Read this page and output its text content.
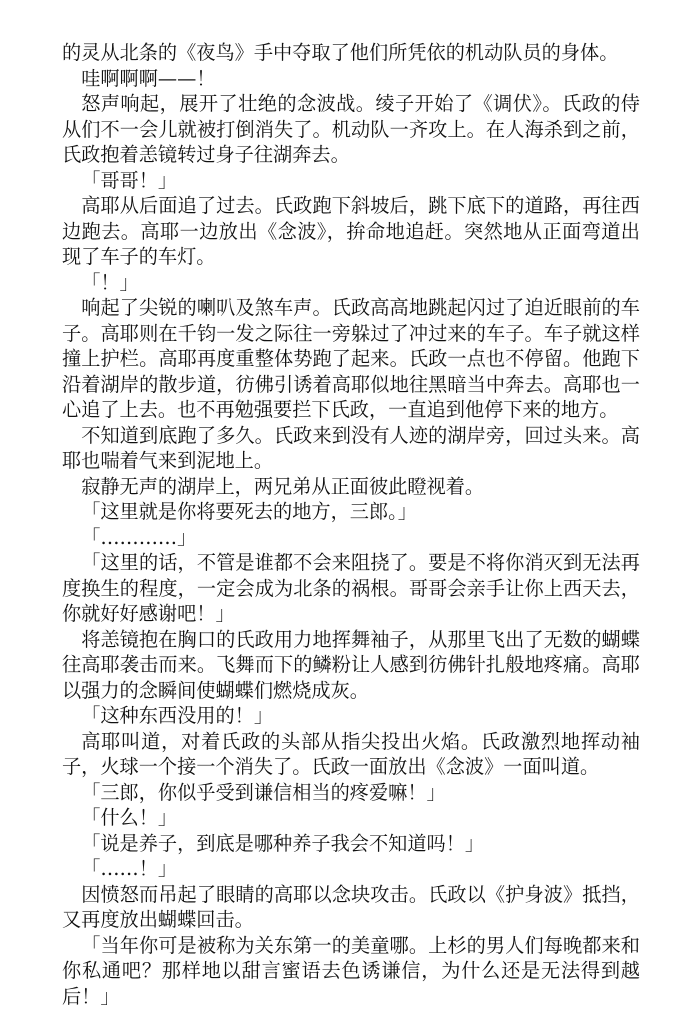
的灵从北条的《夜鸟》手中夺取了他们所凭依的机动队员的身体。

哇啊啊啊——！

怒声响起，展开了壮绝的念波战。绫子开始了《调伏》。氏政的侍从们不一会儿就被打倒消失了。机动队一齐攻上。在人海杀到之前，氏政抱着恙镜转过身子往湖奔去。

「哥哥！」

高耶从后面追了过去。氏政跑下斜坡后，跳下底下的道路，再往西边跑去。高耶一边放出《念波》，拚命地追赶。突然地从正面弯道出现了车子的车灯。

「！」

响起了尖锐的喇叭及煞车声。氏政高高地跳起闪过了迫近眼前的车子。高耶则在千钧一发之际往一旁躲过了冲过来的车子。车子就这样撞上护栏。高耶再度重整体势跑了起来。氏政一点也不停留。他跑下沿着湖岸的散步道，彷佛引诱着高耶似地往黑暗当中奔去。高耶也一心追了上去。也不再勉强要拦下氏政，一直追到他停下来的地方。

不知道到底跑了多久。氏政来到没有人迹的湖岸旁，回过头来。高耶也喘着气来到泥地上。

寂静无声的湖岸上，两兄弟从正面彼此瞪视着。

「这里就是你将要死去的地方，三郎。」

「…………」

「这里的话，不管是谁都不会来阻挠了。要是不将你消灭到无法再度换生的程度，一定会成为北条的祸根。哥哥会亲手让你上西天去，你就好好感谢吧！」

将恙镜抱在胸口的氏政用力地挥舞袖子，从那里飞出了无数的蝴蝶往高耶袭击而来。飞舞而下的鳞粉让人感到彷佛针扎般地疼痛。高耶以强力的念瞬间使蝴蝶们燃烧成灰。

「这种东西没用的！」

高耶叫道，对着氏政的头部从指尖投出火焰。氏政激烈地挥动袖子，火球一个接一个消失了。氏政一面放出《念波》一面叫道。

「三郎，你似乎受到谦信相当的疼爱嘛！」

「什么！」

「说是养子，到底是哪种养子我会不知道吗！」

「……！」

因愤怒而吊起了眼睛的高耶以念块攻击。氏政以《护身波》抵挡，又再度放出蝴蝶回击。

「当年你可是被称为关东第一的美童哪。上杉的男人们每晚都来和你私通吧？那样地以甜言蜜语去色诱谦信，为什么还是无法得到越后！」
